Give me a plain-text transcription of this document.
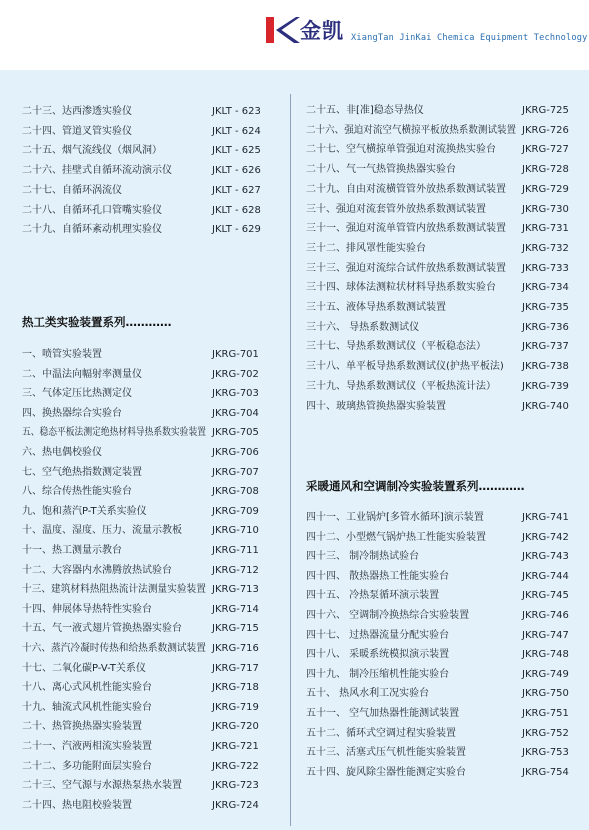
金凯 XiangTan JinKai Chemica Equipment Technology
二十三、达西渗透实验仪	JKLT - 623
二十四、管道叉管实验仪	JKLT - 624
二十五、烟气流线仪（烟风洞）	JKLT - 625
二十六、挂壁式自循环流动演示仪	JKLT - 626
二十七、自循环涡流仪	JKLT - 627
二十八、自循环孔口管嘴实验仪	JKLT - 628
二十九、自循环紊动机理实验仪	JKLT - 629
热工类实验装置系列…………
一、喷管实验装置	JKRG-701
二、中温法向幅射率测量仪	JKRG-702
三、气体定压比热测定仪	JKRG-703
四、换热器综合实验台	JKRG-704
五、稳态平板法测定绝热材料导热系数实验装置 JKRG-705
六、热电偶校验仪	JKRG-706
七、空气绝热指数测定装置	JKRG-707
八、综合传热性能实验台	JKRG-708
九、饱和蒸汽P-T关系实验仪	JKRG-709
十、温度、湿度、压力、流量示教板	JKRG-710
十一、热工测量示教台	JKRG-711
十二、大容器内水沸腾放热试验台	JKRG-712
十三、建筑材料热阻热流计法测量实验装置 JKRG-713
十四、伸展体导热特性实验台	JKRG-714
十五、气一液式翅片管换热器实验台	JKRG-715
十六、蒸汽冷凝时传热和给热系数测试装置 JKRG-716
十七、二氧化碳P-V-T关系仪	JKRG-717
十八、离心式风机性能实验台	JKRG-718
十九、轴流式风机性能实验台	JKRG-719
二十、热管换热器实验装置	JKRG-720
二十一、汽液两相流实验装置	JKRG-721
二十二、多功能附面层实验台	JKRG-722
二十三、空气源与水源热泵热水装置	JKRG-723
二十四、热电阻校验装置	JKRG-724
二十五、非[准]稳态导热仪	JKRG-725
二十六、强迫对流空气横掠平板放热系数测试装置 JKRG-726
二十七、空气横掠单管强迫对流换热实验台	JKRG-727
二十八、气一气热管换热器实验台	JKRG-728
二十九、自由对流横管管外放热系数测试装置 JKRG-729
三十、强迫对流套管外放热系数测试装置	JKRG-730
三十一、强迫对流单管管内放热系数测试装置 JKRG-731
三十二、排风罩性能实验台	JKRG-732
三十三、强迫对流综合试件放热系数测试装置 JKRG-733
三十四、球体法测粒状材料导热系数实验台	JKRG-734
三十五、液体导热系数测试装置	JKRG-735
三十六、 导热系数测试仪	JKRG-736
三十七、导热系数测试仪（平板稳态法）	JKRG-737
三十八、单平板导热系数测试仪(护热平板法) JKRG-738
三十九、导热系数测试仪（平板热流计法）	JKRG-739
四十、玻璃热管换热器实验装置	JKRG-740
采暖通风和空调制冷实验装置系列…………
四十一、工业锅炉[多管水循环]演示装置	JKRG-741
四十二、小型燃气锅炉热工性能实验装置	JKRG-742
四十三、 制冷制热试验台	JKRG-743
四十四、 散热器热工性能实验台	JKRG-744
四十五、 冷热泵循环演示装置	JKRG-745
四十六、 空调制冷换热综合实验装置	JKRG-746
四十七、 过热器流量分配实验台	JKRG-747
四十八、 采暖系统模拟演示装置	JKRG-748
四十九、 制冷压缩机性能实验台	JKRG-749
五十、 热风水利工况实验台	JKRG-750
五十一、 空气加热器性能测试装置	JKRG-751
五十二、循环式空调过程实验装置	JKRG-752
五十三、活塞式压气机性能实验装置	JKRG-753
五十四、旋风除尘器性能测定实验台	JKRG-754
